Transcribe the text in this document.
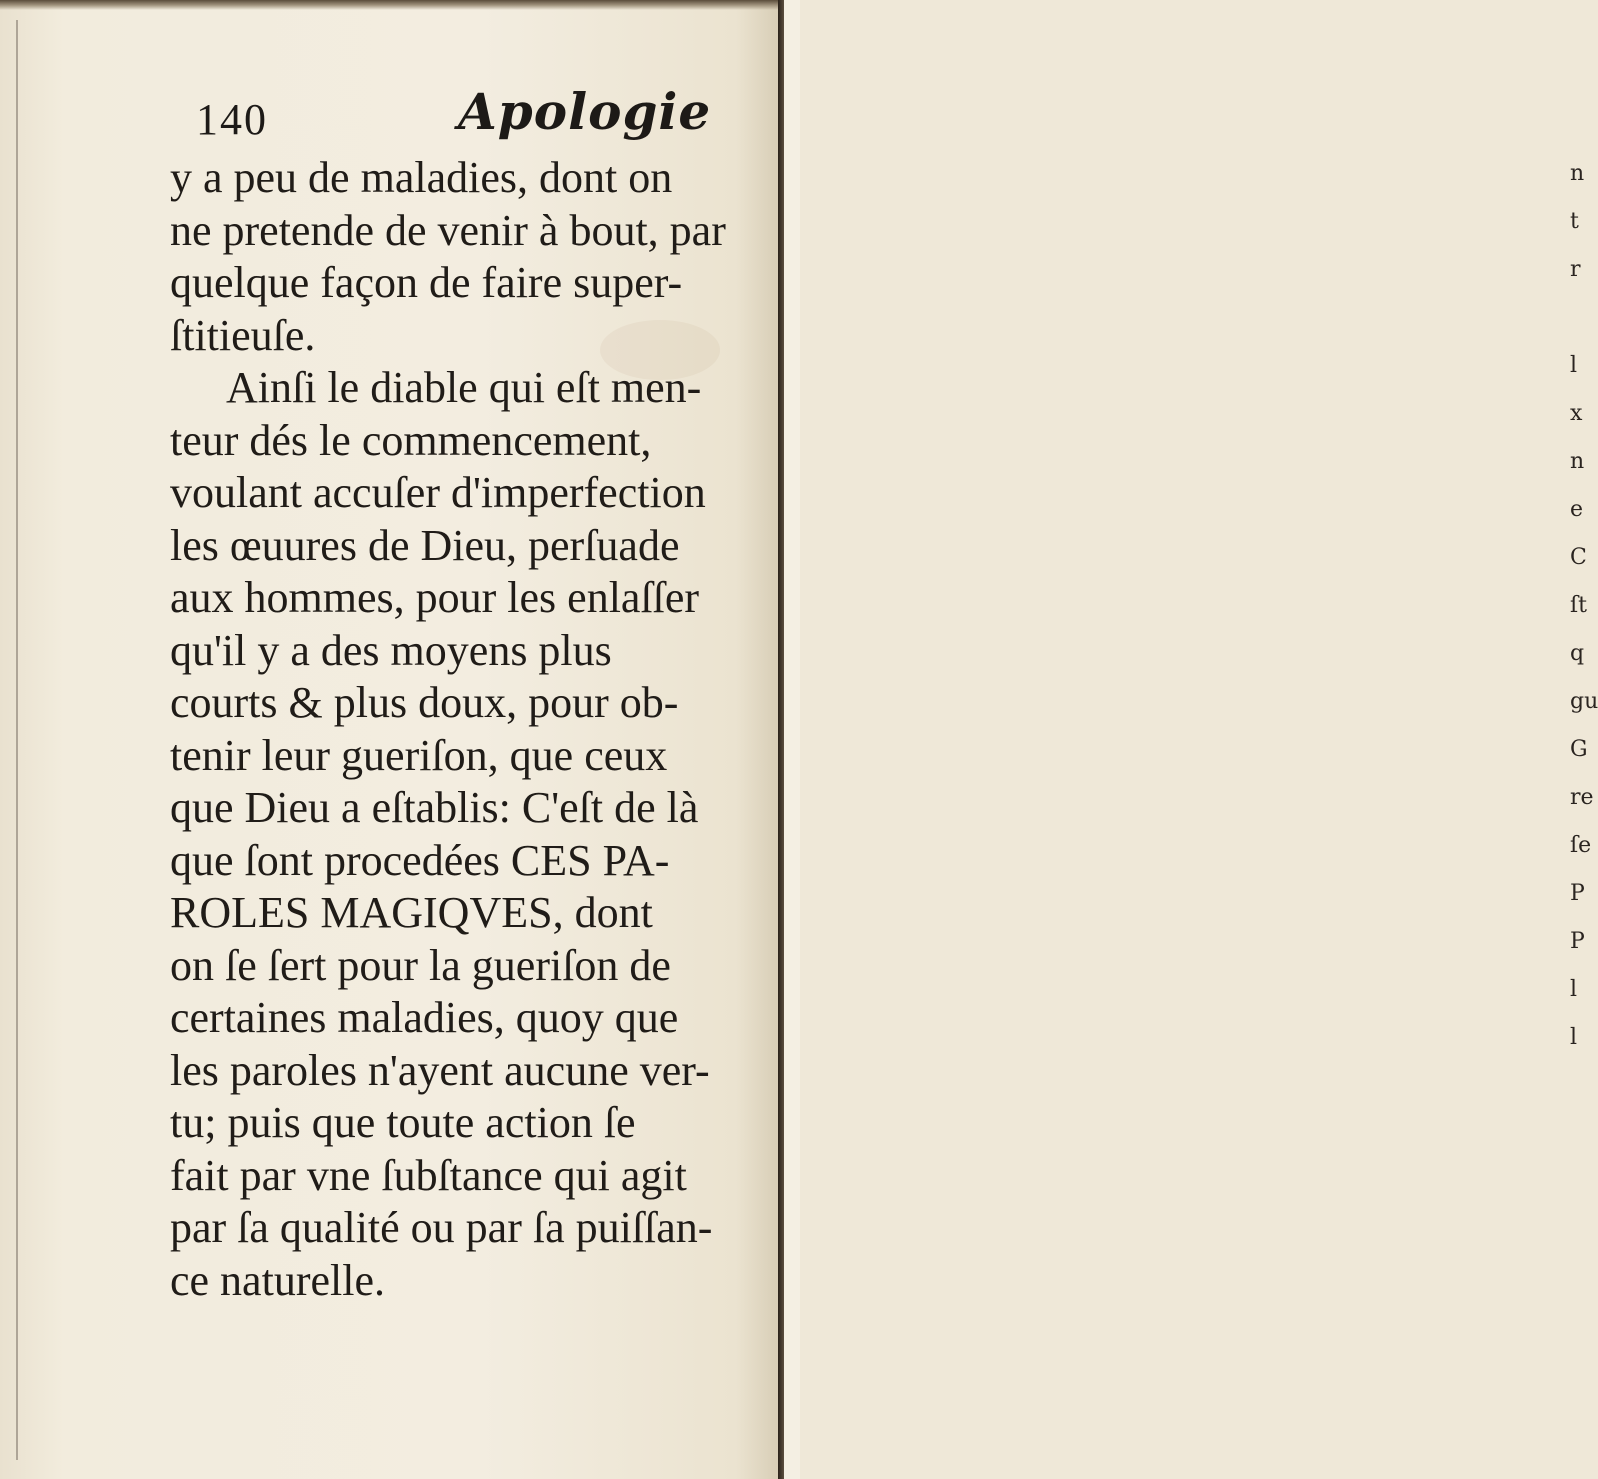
140	Apologie
y a peu de maladies, dont on
ne pretende de venir à bout, par
quelque façon de faire super-
ſtitieuſe.
Ainſi le diable qui eſt men-
teur dés le commencement,
voulant accuſer d'imperfection
les œuures de Dieu, perſuade
aux hommes, pour les enlaſſer
qu'il y a des moyens plus
courts & plus doux, pour ob-
tenir leur gueriſon, que ceux
que Dieu a eſtablis: C'eſt de là
que ſont procedées CES PA-
ROLES MAGIQVES, dont
on ſe ſert pour la gueriſon de
certaines maladies, quoy que
les paroles n'ayent aucune ver-
tu; puis que toute action ſe
fait par vne ſubſtance qui agit
par ſa qualité ou par ſa puiſſan-
ce naturelle.
n
t
r

l
x
n
e
C
ſt
q
gu
G
re
ſe
P
P
l
l
